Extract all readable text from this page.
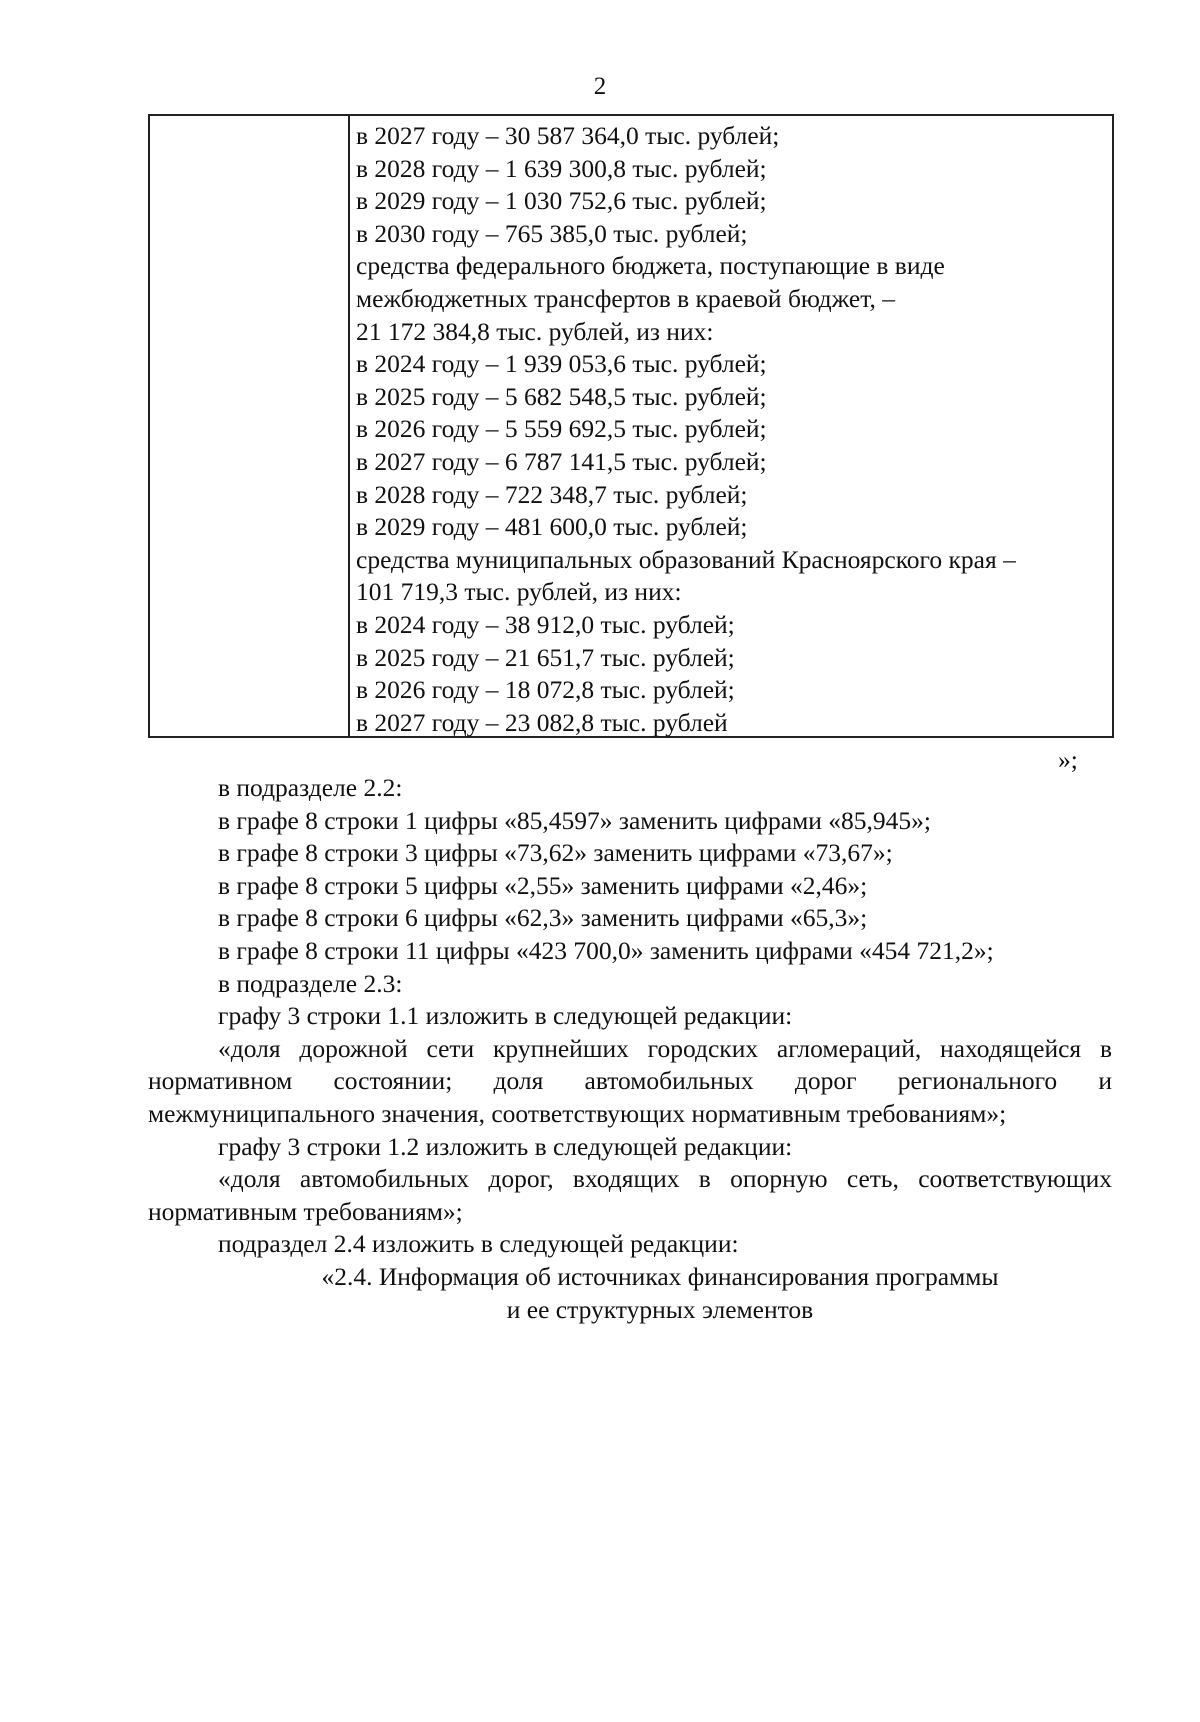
2
в 2027 году – 30 587 364,0 тыс. рублей;
в 2028 году – 1 639 300,8 тыс. рублей;
в 2029 году – 1 030 752,6 тыс. рублей;
в 2030 году – 765 385,0 тыс. рублей;
средства федерального бюджета, поступающие в виде
межбюджетных трансфертов в краевой бюджет, –
21 172 384,8 тыс. рублей, из них:
в 2024 году – 1 939 053,6 тыс. рублей;
в 2025 году – 5 682 548,5 тыс. рублей;
в 2026 году – 5 559 692,5 тыс. рублей;
в 2027 году – 6 787 141,5 тыс. рублей;
в 2028 году – 722 348,7 тыс. рублей;
в 2029 году – 481 600,0 тыс. рублей;
средства муниципальных образований Красноярского края –
101 719,3 тыс. рублей, из них:
в 2024 году – 38 912,0 тыс. рублей;
в 2025 году – 21 651,7 тыс. рублей;
в 2026 году – 18 072,8 тыс. рублей;
в 2027 году – 23 082,8 тыс. рублей
»;
в подразделе 2.2:
в графе 8 строки 1 цифры «85,4597» заменить цифрами «85,945»;
в графе 8 строки 3 цифры «73,62» заменить цифрами «73,67»;
в графе 8 строки 5 цифры «2,55» заменить цифрами «2,46»;
в графе 8 строки 6 цифры «62,3» заменить цифрами «65,3»;
в графе 8 строки 11 цифры «423 700,0» заменить цифрами «454 721,2»;
в подразделе 2.3:
графу 3 строки 1.1 изложить в следующей редакции:
«доля дорожной сети крупнейших городских агломераций, находящейся в нормативном состоянии; доля автомобильных дорог регионального и межмуниципального значения, соответствующих нормативным требованиям»;
графу 3 строки 1.2 изложить в следующей редакции:
«доля автомобильных дорог, входящих в опорную сеть, соответствующих нормативным требованиям»;
подраздел 2.4 изложить в следующей редакции:
«2.4. Информация об источниках финансирования программы
и ее структурных элементов
